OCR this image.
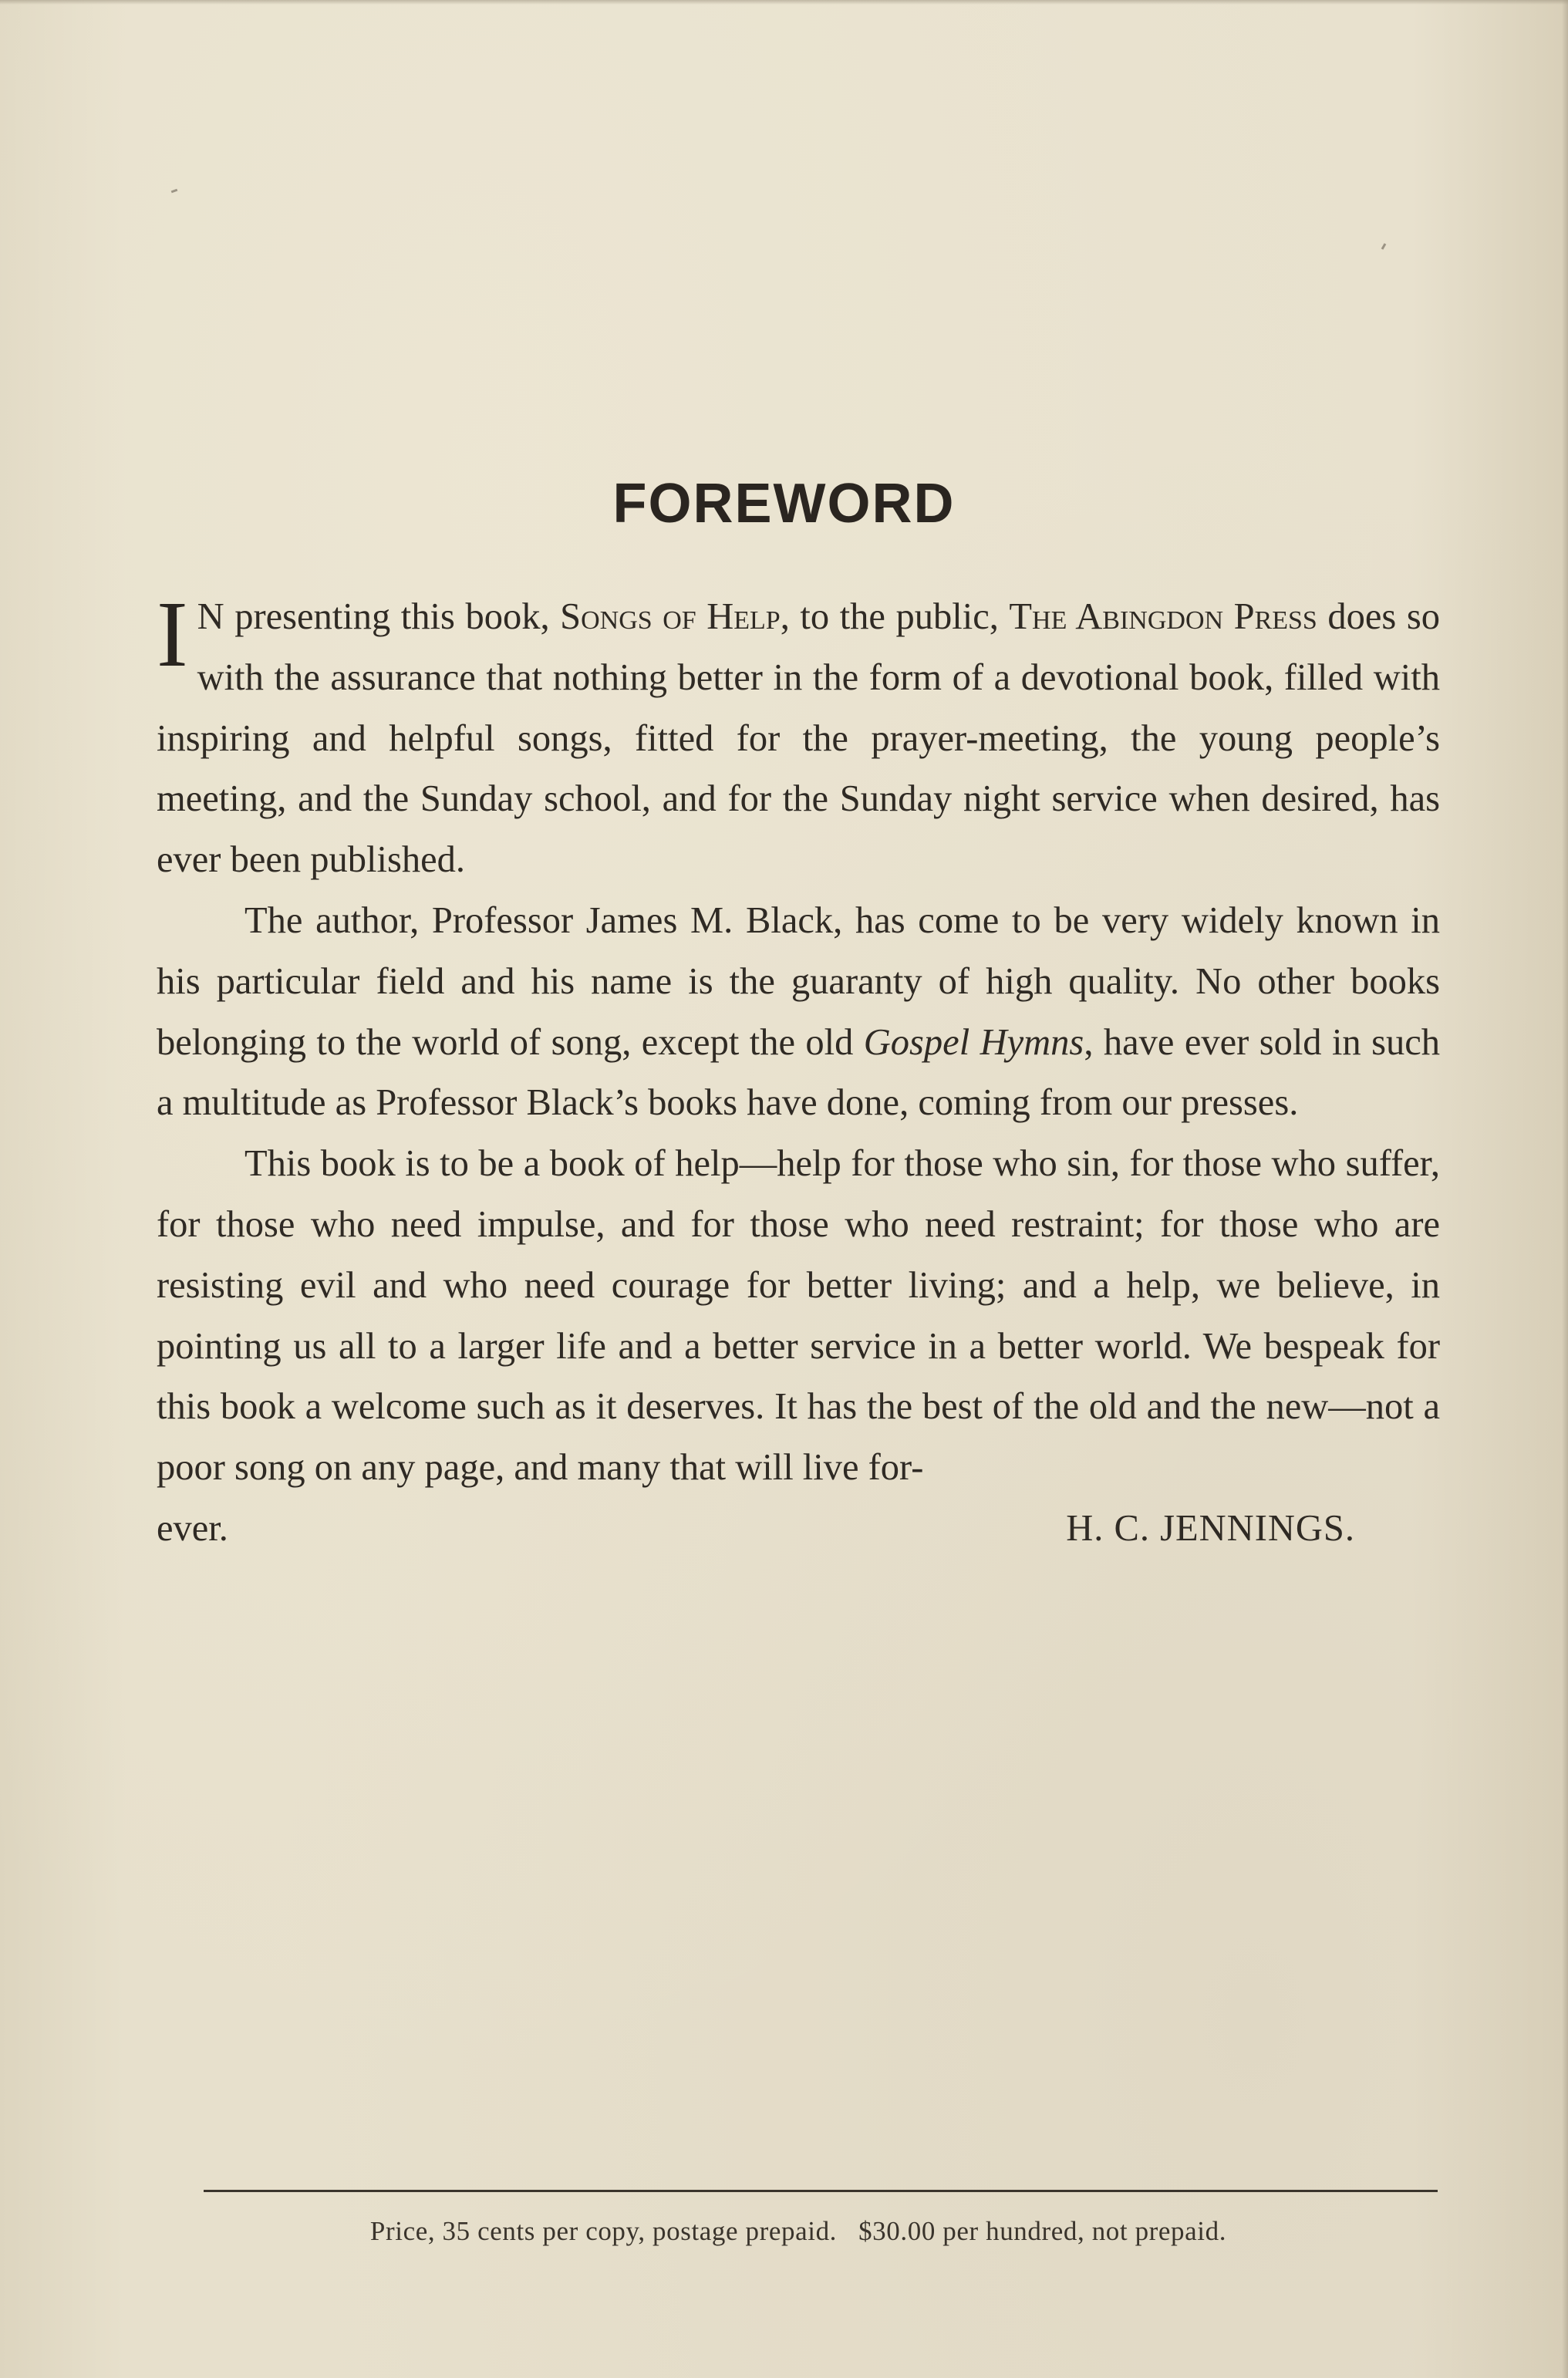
FOREWORD

I N presenting this book, Songs of Help, to the public, The Abingdon Press does so with the assurance that nothing better in the form of a devotional book, filled with inspiring and helpful songs, fitted for the prayer-meeting, the young people’s meeting, and the Sunday school, and for the Sunday night service when desired, has ever been published.

The author, Professor James M. Black, has come to be very widely known in his particular field and his name is the guaranty of high quality. No other books belonging to the world of song, except the old Gospel Hymns, have ever sold in such a multitude as Professor Black’s books have done, coming from our presses.

This book is to be a book of help—help for those who sin, for those who suffer, for those who need impulse, and for those who need restraint; for those who are resisting evil and who need courage for better living; and a help, we believe, in pointing us all to a larger life and a better service in a better world. We bespeak for this book a welcome such as it deserves. It has the best of the old and the new—not a poor song on any page, and many that will live for-

ever.	H. C. JENNINGS.
Price, 35 cents per copy, postage prepaid.   $30.00 per hundred, not prepaid.
